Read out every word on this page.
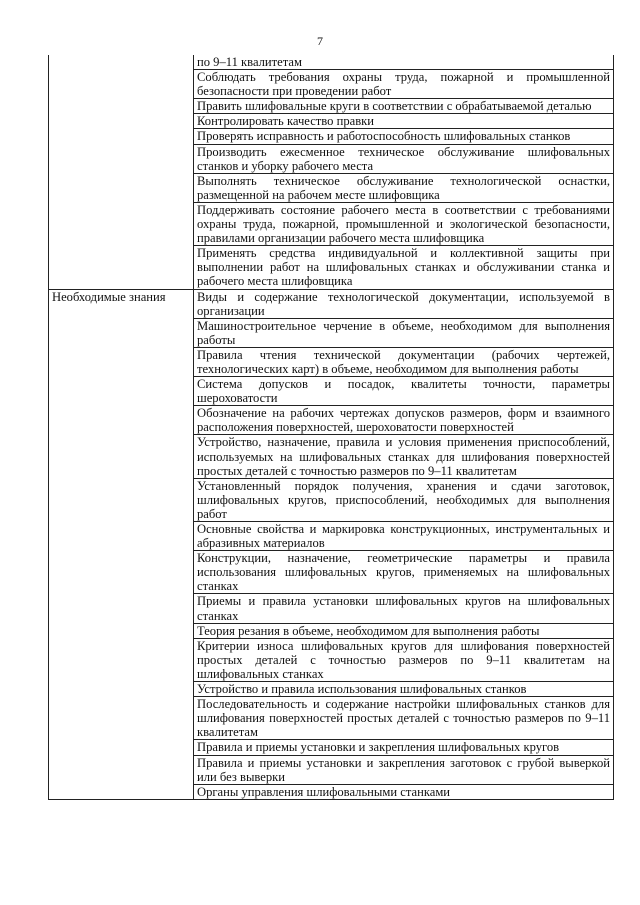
7
	по 9–11 квалитетам
	Соблюдать требования охраны труда, пожарной и промышленной безопасности при проведении работ
	Править шлифовальные круги в соответствии с обрабатываемой деталью
	Контролировать качество правки
	Проверять исправность и работоспособность шлифовальных станков
	Производить ежесменное техническое обслуживание шлифовальных станков и уборку рабочего места
	Выполнять техническое обслуживание технологической оснастки, размещенной на рабочем месте шлифовщика
	Поддерживать состояние рабочего места в соответствии с требованиями охраны труда, пожарной, промышленной и экологической безопасности, правилами организации рабочего места шлифовщика
	Применять средства индивидуальной и коллективной защиты при выполнении работ на шлифовальных станках и обслуживании станка и рабочего места шлифовщика
Необходимые знания	Виды и содержание технологической документации, используемой в организации
	Машиностроительное черчение в объеме, необходимом для выполнения работы
	Правила чтения технической документации (рабочих чертежей, технологических карт) в объеме, необходимом для выполнения работы
	Система допусков и посадок, квалитеты точности, параметры шероховатости
	Обозначение на рабочих чертежах допусков размеров, форм и взаимного расположения поверхностей, шероховатости поверхностей
	Устройство, назначение, правила и условия применения приспособлений, используемых на шлифовальных станках для шлифования поверхностей простых деталей с точностью размеров по 9–11 квалитетам
	Установленный порядок получения, хранения и сдачи заготовок, шлифовальных кругов, приспособлений, необходимых для выполнения работ
	Основные свойства и маркировка конструкционных, инструментальных и абразивных материалов
	Конструкции, назначение, геометрические параметры и правила использования шлифовальных кругов, применяемых на шлифовальных станках
	Приемы и правила установки шлифовальных кругов на шлифовальных станках
	Теория резания в объеме, необходимом для выполнения работы
	Критерии износа шлифовальных кругов для шлифования поверхностей простых деталей с точностью размеров по 9–11 квалитетам на шлифовальных станках
	Устройство и правила использования шлифовальных станков
	Последовательность и содержание настройки шлифовальных станков для шлифования поверхностей простых деталей с точностью размеров по 9–11 квалитетам
	Правила и приемы установки и закрепления шлифовальных кругов
	Правила и приемы установки и закрепления заготовок с грубой выверкой или без выверки
	Органы управления шлифовальными станками
